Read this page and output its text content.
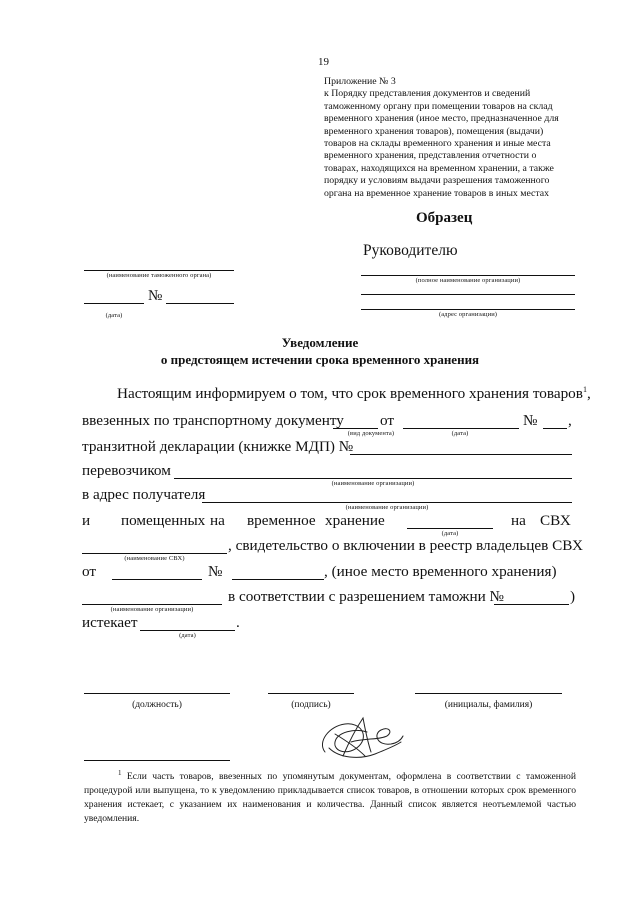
19
Приложение № 3
к Порядку представления документов и сведений
таможенному органу при помещении товаров на склад
временного хранения (иное место, предназначенное для
временного хранения товаров), помещения (выдачи)
товаров на склады временного хранения и иные места
временного хранения, представления отчетности о
товарах, находящихся на временном хранении, а также
порядку и условиям выдачи разрешения таможенного
органа на временное хранение товаров в иных местах
Образец
Руководителю
(наименование таможенного органа)
№
(дата)
(полное наименование организации)
(адрес организации)
Уведомление
о предстоящем истечении срока временного хранения
Настоящим информируем о том, что срок временного хранения товаров$^1$,
ввезенных по транспортному документу от	№ ,
(вид документа)	(дата)
транзитной декларации (книжке МДП) №
перевозчиком
(наименование организации)
в адрес получателя
(наименование организации)
и помещенных на временное хранение	на СВХ
(дата)
, свидетельство о включении в реестр владельцев СВХ
(наименование СВХ)
от	№	, (иное место временного хранения)
в соответствии с разрешением таможни №	)
(наименование организации)
истекает	.
(дата)
(должность)	(подпись)	(инициалы, фамилия)
$^1$ Если часть товаров, ввезенных по упомянутым документам, оформлена в соответствии с таможенной процедурой или выпущена, то к уведомлению прикладывается список товаров, в отношении которых срок временного хранения истекает, с указанием их наименования и количества. Данный список является неотъемлемой частью уведомления.
